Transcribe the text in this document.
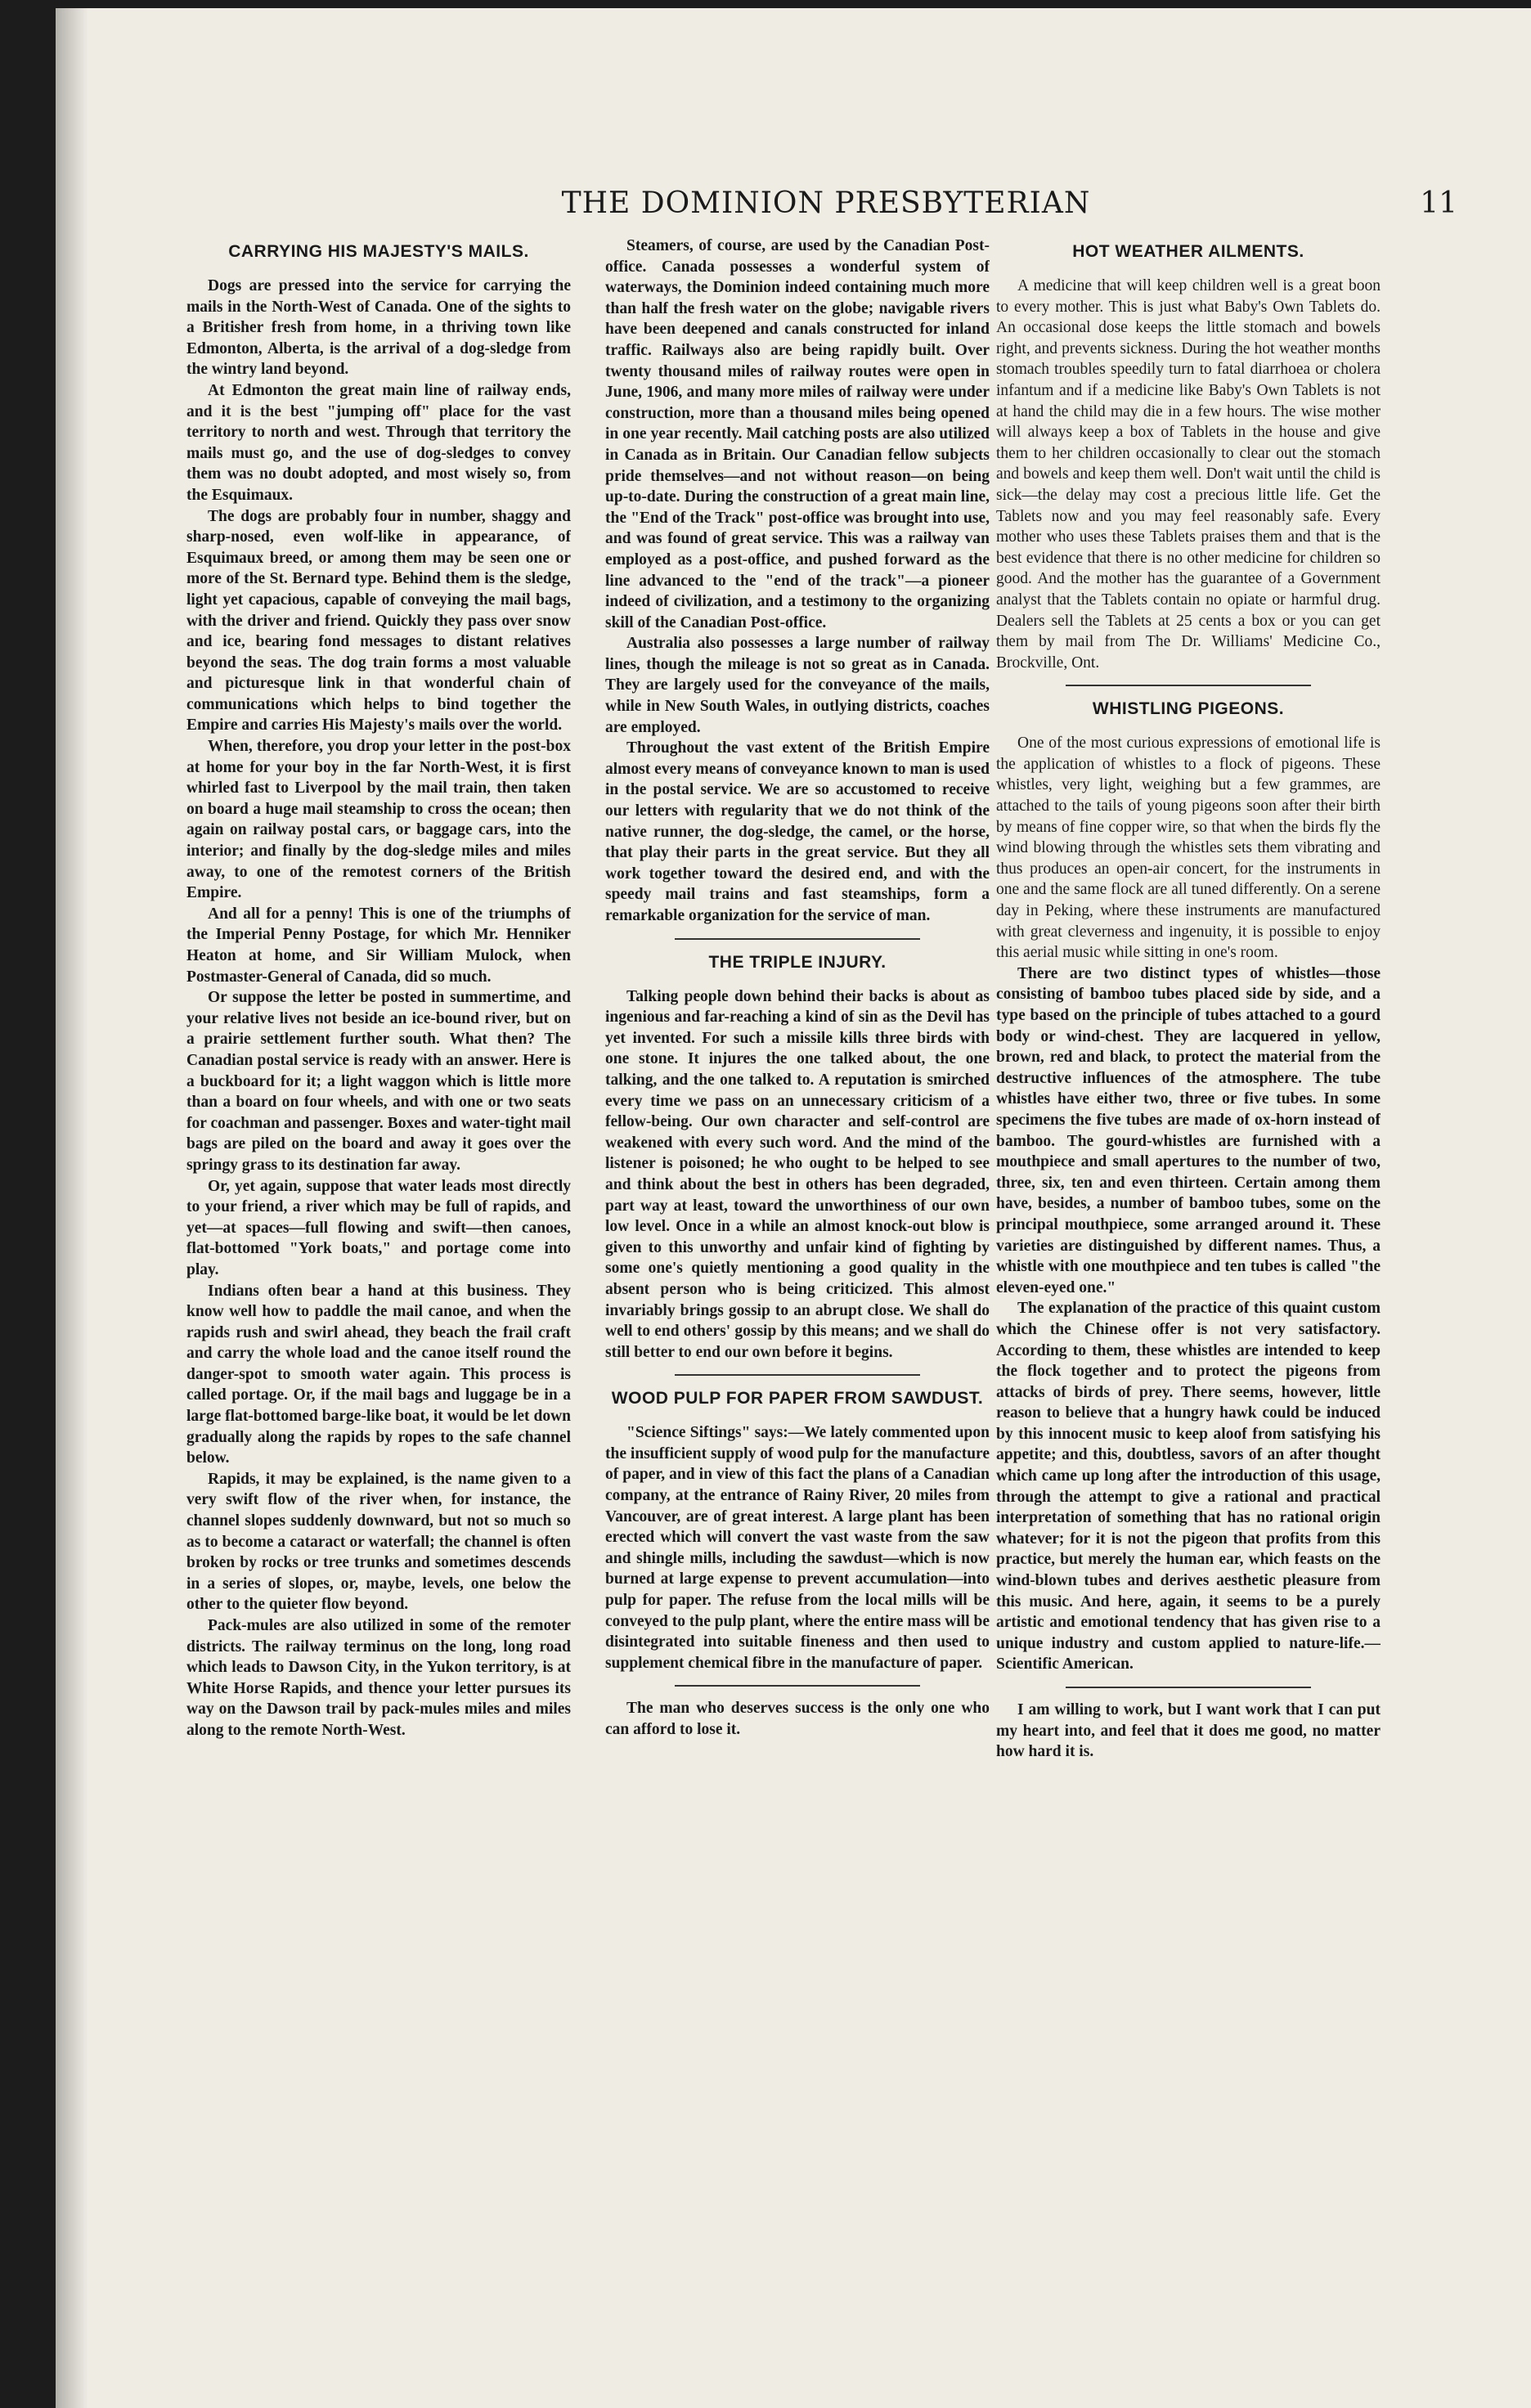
THE DOMINION PRESBYTERIAN	11
CARRYING HIS MAJESTY'S MAILS.

Dogs are pressed into the service for carrying the mails in the North-West of Canada. One of the sights to a Britisher fresh from home, in a thriving town like Edmonton, Alberta, is the arrival of a dog-sledge from the wintry land beyond.

At Edmonton the great main line of railway ends, and it is the best "jumping off" place for the vast territory to north and west. Through that territory the mails must go, and the use of dog-sledges to convey them was no doubt adopted, and most wisely so, from the Esquimaux.

The dogs are probably four in number, shaggy and sharp-nosed, even wolf-like in appearance, of Esquimaux breed, or among them may be seen one or more of the St. Bernard type. Behind them is the sledge, light yet capacious, capable of conveying the mail bags, with the driver and friend. Quickly they pass over snow and ice, bearing fond messages to distant relatives beyond the seas. The dog train forms a most valuable and picturesque link in that wonderful chain of communications which helps to bind together the Empire and carries His Majesty's mails over the world.

When, therefore, you drop your letter in the post-box at home for your boy in the far North-West, it is first whirled fast to Liverpool by the mail train, then taken on board a huge mail steamship to cross the ocean; then again on railway postal cars, or baggage cars, into the interior; and finally by the dog-sledge miles and miles away, to one of the remotest corners of the British Empire.

And all for a penny! This is one of the triumphs of the Imperial Penny Postage, for which Mr. Henniker Heaton at home, and Sir William Mulock, when Postmaster-General of Canada, did so much.

Or suppose the letter be posted in summertime, and your relative lives not beside an ice-bound river, but on a prairie settlement further south. What then? The Canadian postal service is ready with an answer. Here is a buckboard for it; a light waggon which is little more than a board on four wheels, and with one or two seats for coachman and passenger. Boxes and water-tight mail bags are piled on the board and away it goes over the springy grass to its destination far away.

Or, yet again, suppose that water leads most directly to your friend, a river which may be full of rapids, and yet—at spaces—full flowing and swift—then canoes, flat-bottomed "York boats," and portage come into play.

Indians often bear a hand at this business. They know well how to paddle the mail canoe, and when the rapids rush and swirl ahead, they beach the frail craft and carry the whole load and the canoe itself round the danger-spot to smooth water again. This process is called portage. Or, if the mail bags and luggage be in a large flat-bottomed barge-like boat, it would be let down gradually along the rapids by ropes to the safe channel below.

Rapids, it may be explained, is the name given to a very swift flow of the river when, for instance, the channel slopes suddenly downward, but not so much so as to become a cataract or waterfall; the channel is often broken by rocks or tree trunks and sometimes descends in a series of slopes, or, maybe, levels, one below the other to the quieter flow beyond.

Pack-mules are also utilized in some of the remoter districts. The railway terminus on the long, long road which leads to Dawson City, in the Yukon territory, is at White Horse Rapids, and thence your letter pursues its way on the Dawson trail by pack-mules miles and miles along to the remote North-West.

Steamers, of course, are used by the Canadian Post-office. Canada possesses a wonderful system of waterways, the Dominion indeed containing much more than half the fresh water on the globe; navigable rivers have been deepened and canals constructed for inland traffic. Railways also are being rapidly built. Over twenty thousand miles of railway routes were open in June, 1906, and many more miles of railway were under construction, more than a thousand miles being opened in one year recently. Mail catching posts are also utilized in Canada as in Britain. Our Canadian fellow subjects pride themselves—and not without reason—on being up-to-date. During the construction of a great main line, the "End of the Track" post-office was brought into use, and was found of great service. This was a railway van employed as a post-office, and pushed forward as the line advanced to the "end of the track"—a pioneer indeed of civilization, and a testimony to the organizing skill of the Canadian Post-office.

Australia also possesses a large number of railway lines, though the mileage is not so great as in Canada. They are largely used for the conveyance of the mails, while in New South Wales, in outlying districts, coaches are employed.

Throughout the vast extent of the British Empire almost every means of conveyance known to man is used in the postal service. We are so accustomed to receive our letters with regularity that we do not think of the native runner, the dog-sledge, the camel, or the horse, that play their parts in the great service. But they all work together toward the desired end, and with the speedy mail trains and fast steamships, form a remarkable organization for the service of man.

THE TRIPLE INJURY.

Talking people down behind their backs is about as ingenious and far-reaching a kind of sin as the Devil has yet invented. For such a missile kills three birds with one stone. It injures the one talked about, the one talking, and the one talked to. A reputation is smirched every time we pass on an unnecessary criticism of a fellow-being. Our own character and self-control are weakened with every such word. And the mind of the listener is poisoned; he who ought to be helped to see and think about the best in others has been degraded, part way at least, toward the unworthiness of our own low level. Once in a while an almost knock-out blow is given to this unworthy and unfair kind of fighting by some one's quietly mentioning a good quality in the absent person who is being criticized. This almost invariably brings gossip to an abrupt close. We shall do well to end others' gossip by this means; and we shall do still better to end our own before it begins.

WOOD PULP FOR PAPER FROM SAWDUST.

"Science Siftings" says:—We lately commented upon the insufficient supply of wood pulp for the manufacture of paper, and in view of this fact the plans of a Canadian company, at the entrance of Rainy River, 20 miles from Vancouver, are of great interest. A large plant has been erected which will convert the vast waste from the saw and shingle mills, including the sawdust—which is now burned at large expense to prevent accumulation—into pulp for paper. The refuse from the local mills will be conveyed to the pulp plant, where the entire mass will be disintegrated into suitable fineness and then used to supplement chemical fibre in the manufacture of paper.

The man who deserves success is the only one who can afford to lose it.

HOT WEATHER AILMENTS.

A medicine that will keep children well is a great boon to every mother. This is just what Baby's Own Tablets do. An occasional dose keeps the little stomach and bowels right, and prevents sickness. During the hot weather months stomach troubles speedily turn to fatal diarrhoea or cholera infantum and if a medicine like Baby's Own Tablets is not at hand the child may die in a few hours. The wise mother will always keep a box of Tablets in the house and give them to her children occasionally to clear out the stomach and bowels and keep them well. Don't wait until the child is sick—the delay may cost a precious little life. Get the Tablets now and you may feel reasonably safe. Every mother who uses these Tablets praises them and that is the best evidence that there is no other medicine for children so good. And the mother has the guarantee of a Government analyst that the Tablets contain no opiate or harmful drug. Dealers sell the Tablets at 25 cents a box or you can get them by mail from The Dr. Williams' Medicine Co., Brockville, Ont.

WHISTLING PIGEONS.

One of the most curious expressions of emotional life is the application of whistles to a flock of pigeons. These whistles, very light, weighing but a few grammes, are attached to the tails of young pigeons soon after their birth by means of fine copper wire, so that when the birds fly the wind blowing through the whistles sets them vibrating and thus produces an open-air concert, for the instruments in one and the same flock are all tuned differently. On a serene day in Peking, where these instruments are manufactured with great cleverness and ingenuity, it is possible to enjoy this aerial music while sitting in one's room.

There are two distinct types of whistles—those consisting of bamboo tubes placed side by side, and a type based on the principle of tubes attached to a gourd body or wind-chest. They are lacquered in yellow, brown, red and black, to protect the material from the destructive influences of the atmosphere. The tube whistles have either two, three or five tubes. In some specimens the five tubes are made of ox-horn instead of bamboo. The gourd-whistles are furnished with a mouthpiece and small apertures to the number of two, three, six, ten and even thirteen. Certain among them have, besides, a number of bamboo tubes, some on the principal mouthpiece, some arranged around it. These varieties are distinguished by different names. Thus, a whistle with one mouthpiece and ten tubes is called "the eleven-eyed one."

The explanation of the practice of this quaint custom which the Chinese offer is not very satisfactory. According to them, these whistles are intended to keep the flock together and to protect the pigeons from attacks of birds of prey. There seems, however, little reason to believe that a hungry hawk could be induced by this innocent music to keep aloof from satisfying his appetite; and this, doubtless, savors of an after thought which came up long after the introduction of this usage, through the attempt to give a rational and practical interpretation of something that has no rational origin whatever; for it is not the pigeon that profits from this practice, but merely the human ear, which feasts on the wind-blown tubes and derives aesthetic pleasure from this music. And here, again, it seems to be a purely artistic and emotional tendency that has given rise to a unique industry and custom applied to nature-life.—Scientific American.

I am willing to work, but I want work that I can put my heart into, and feel that it does me good, no matter how hard it is.
